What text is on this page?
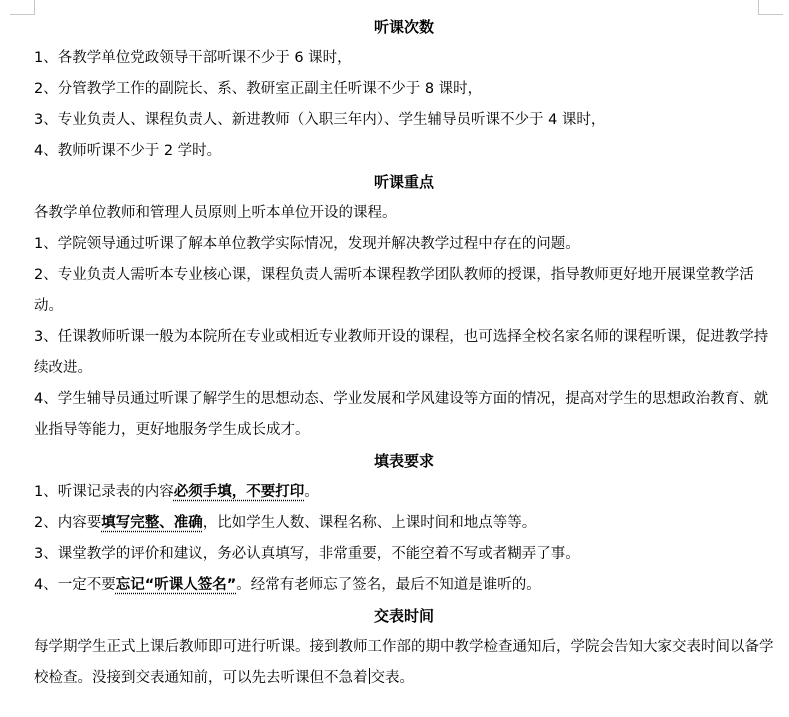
听课次数
1、各教学单位党政领导干部听课不少于 6 课时，
2、分管教学工作的副院长、系、教研室正副主任听课不少于 8 课时，
3、专业负责人、课程负责人、新进教师（入职三年内）、学生辅导员听课不少于 4 课时，
4、教师听课不少于 2 学时。
听课重点
各教学单位教师和管理人员原则上听本单位开设的课程。
1、学院领导通过听课了解本单位教学实际情况，发现并解决教学过程中存在的问题。
2、专业负责人需听本专业核心课，课程负责人需听本课程教学团队教师的授课，指导教师更好地开展课堂教学活动。
3、任课教师听课一般为本院所在专业或相近专业教师开设的课程，也可选择全校名家名师的课程听课，促进教学持续改进。
4、学生辅导员通过听课了解学生的思想动态、学业发展和学风建设等方面的情况，提高对学生的思想政治教育、就业指导等能力，更好地服务学生成长成才。
填表要求
1、听课记录表的内容必须手填，不要打印。
2、内容要填写完整、准确，比如学生人数、课程名称、上课时间和地点等等。
3、课堂教学的评价和建议，务必认真填写，非常重要，不能空着不写或者糊弄了事。
4、一定不要忘记“听课人签名”。经常有老师忘了签名，最后不知道是谁听的。
交表时间
每学期学生正式上课后教师即可进行听课。接到教师工作部的期中教学检查通知后，学院会告知大家交表时间以备学校检查。没接到交表通知前，可以先去听课但不急着 交表。
